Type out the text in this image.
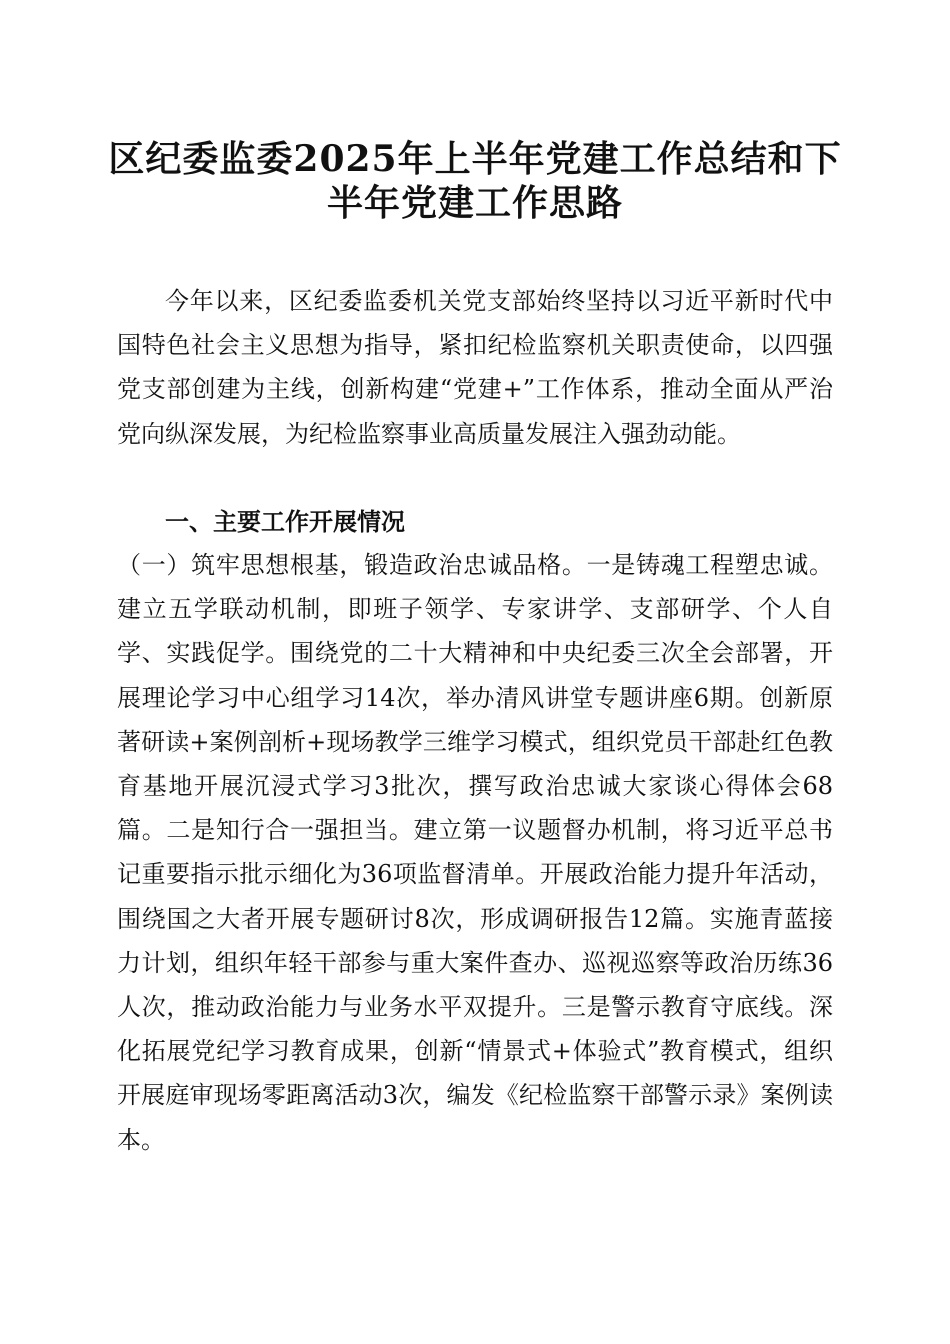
区纪委监委2025年上半年党建工作总结和下
半年党建工作思路

今年以来，区纪委监委机关党支部始终坚持以习近平新时代中国特色社会主义思想为指导，紧扣纪检监察机关职责使命，以四强党支部创建为主线，创新构建“党建+”工作体系，推动全面从严治党向纵深发展，为纪检监察事业高质量发展注入强劲动能。

一、主要工作开展情况

（一）筑牢思想根基，锻造政治忠诚品格。一是铸魂工程塑忠诚。建立五学联动机制，即班子领学、专家讲学、支部研学、个人自学、实践促学。围绕党的二十大精神和中央纪委三次全会部署，开展理论学习中心组学习14次，举办清风讲堂专题讲座6期。创新原著研读+案例剖析+现场教学三维学习模式，组织党员干部赴红色教育基地开展沉浸式学习3批次，撰写政治忠诚大家谈心得体会68篇。二是知行合一强担当。建立第一议题督办机制，将习近平总书记重要指示批示细化为36项监督清单。开展政治能力提升年活动，围绕国之大者开展专题研讨8次，形成调研报告12篇。实施青蓝接力计划，组织年轻干部参与重大案件查办、巡视巡察等政治历练36人次，推动政治能力与业务水平双提升。三是警示教育守底线。深化拓展党纪学习教育成果，创新“情景式+体验式”教育模式，组织开展庭审现场零距离活动3次，编发《纪检监察干部警示录》案例读本。
